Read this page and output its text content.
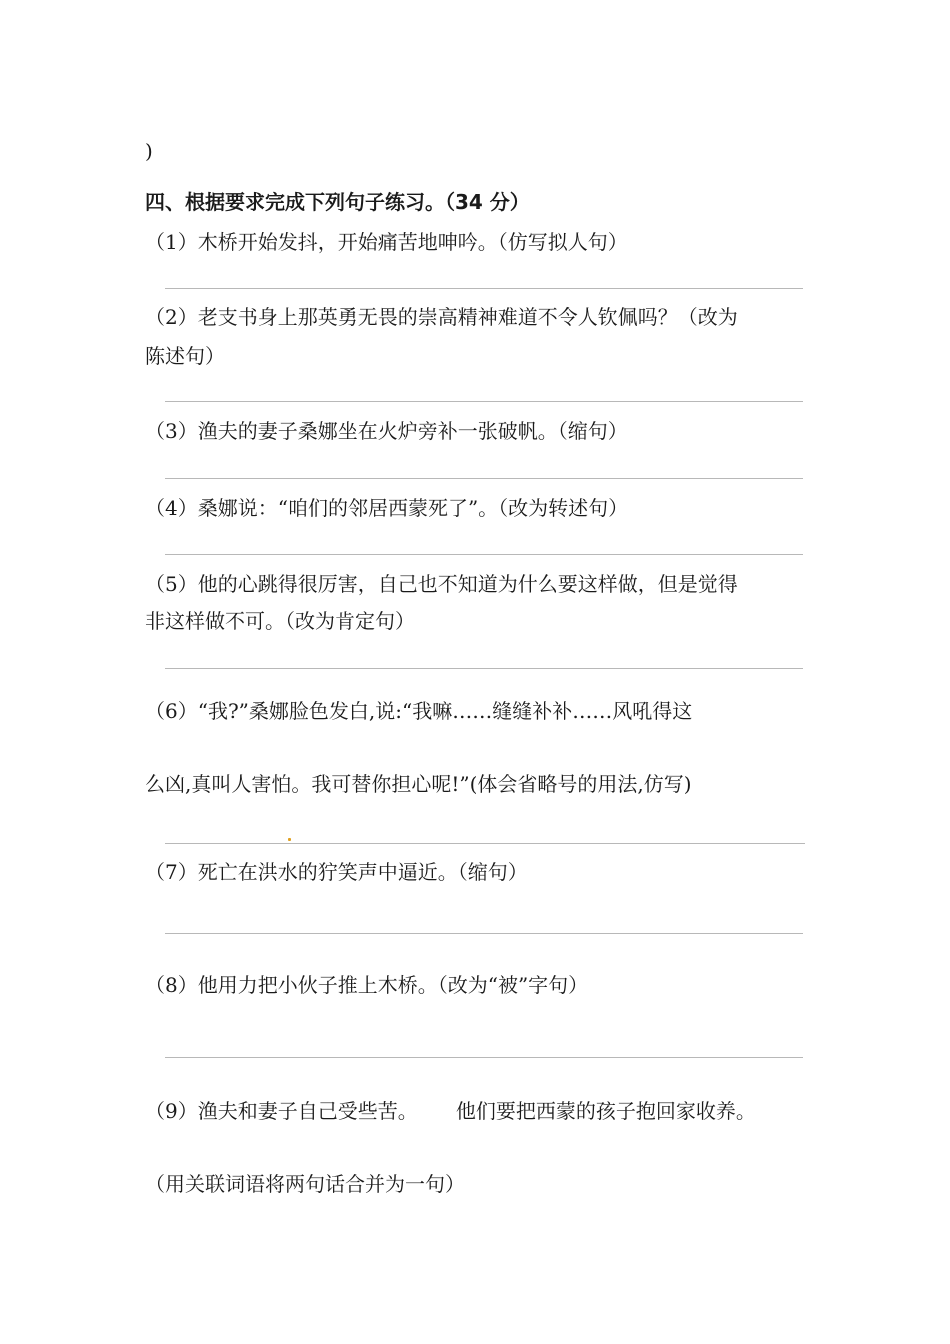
)
四、根据要求完成下列句子练习。（34 分）
（1）木桥开始发抖，开始痛苦地呻吟。（仿写拟人句）
（2）老支书身上那英勇无畏的崇高精神难道不令人钦佩吗？（改为
陈述句）
（3）渔夫的妻子桑娜坐在火炉旁补一张破帆。（缩句）
（4）桑娜说：“咱们的邻居西蒙死了”。（改为转述句）
（5）他的心跳得很厉害，自己也不知道为什么要这样做，但是觉得
非这样做不可。（改为肯定句）
（6）“我?”桑娜脸色发白,说:“我嘛……缝缝补补……风吼得这
么凶,真叫人害怕。我可替你担心呢!”(体会省略号的用法,仿写)
（7）死亡在洪水的狞笑声中逼近。（缩句）
（8）他用力把小伙子推上木桥。（改为“被”字句）
（9）渔夫和妻子自己受些苦。      他们要把西蒙的孩子抱回家收养。
（用关联词语将两句话合并为一句）
